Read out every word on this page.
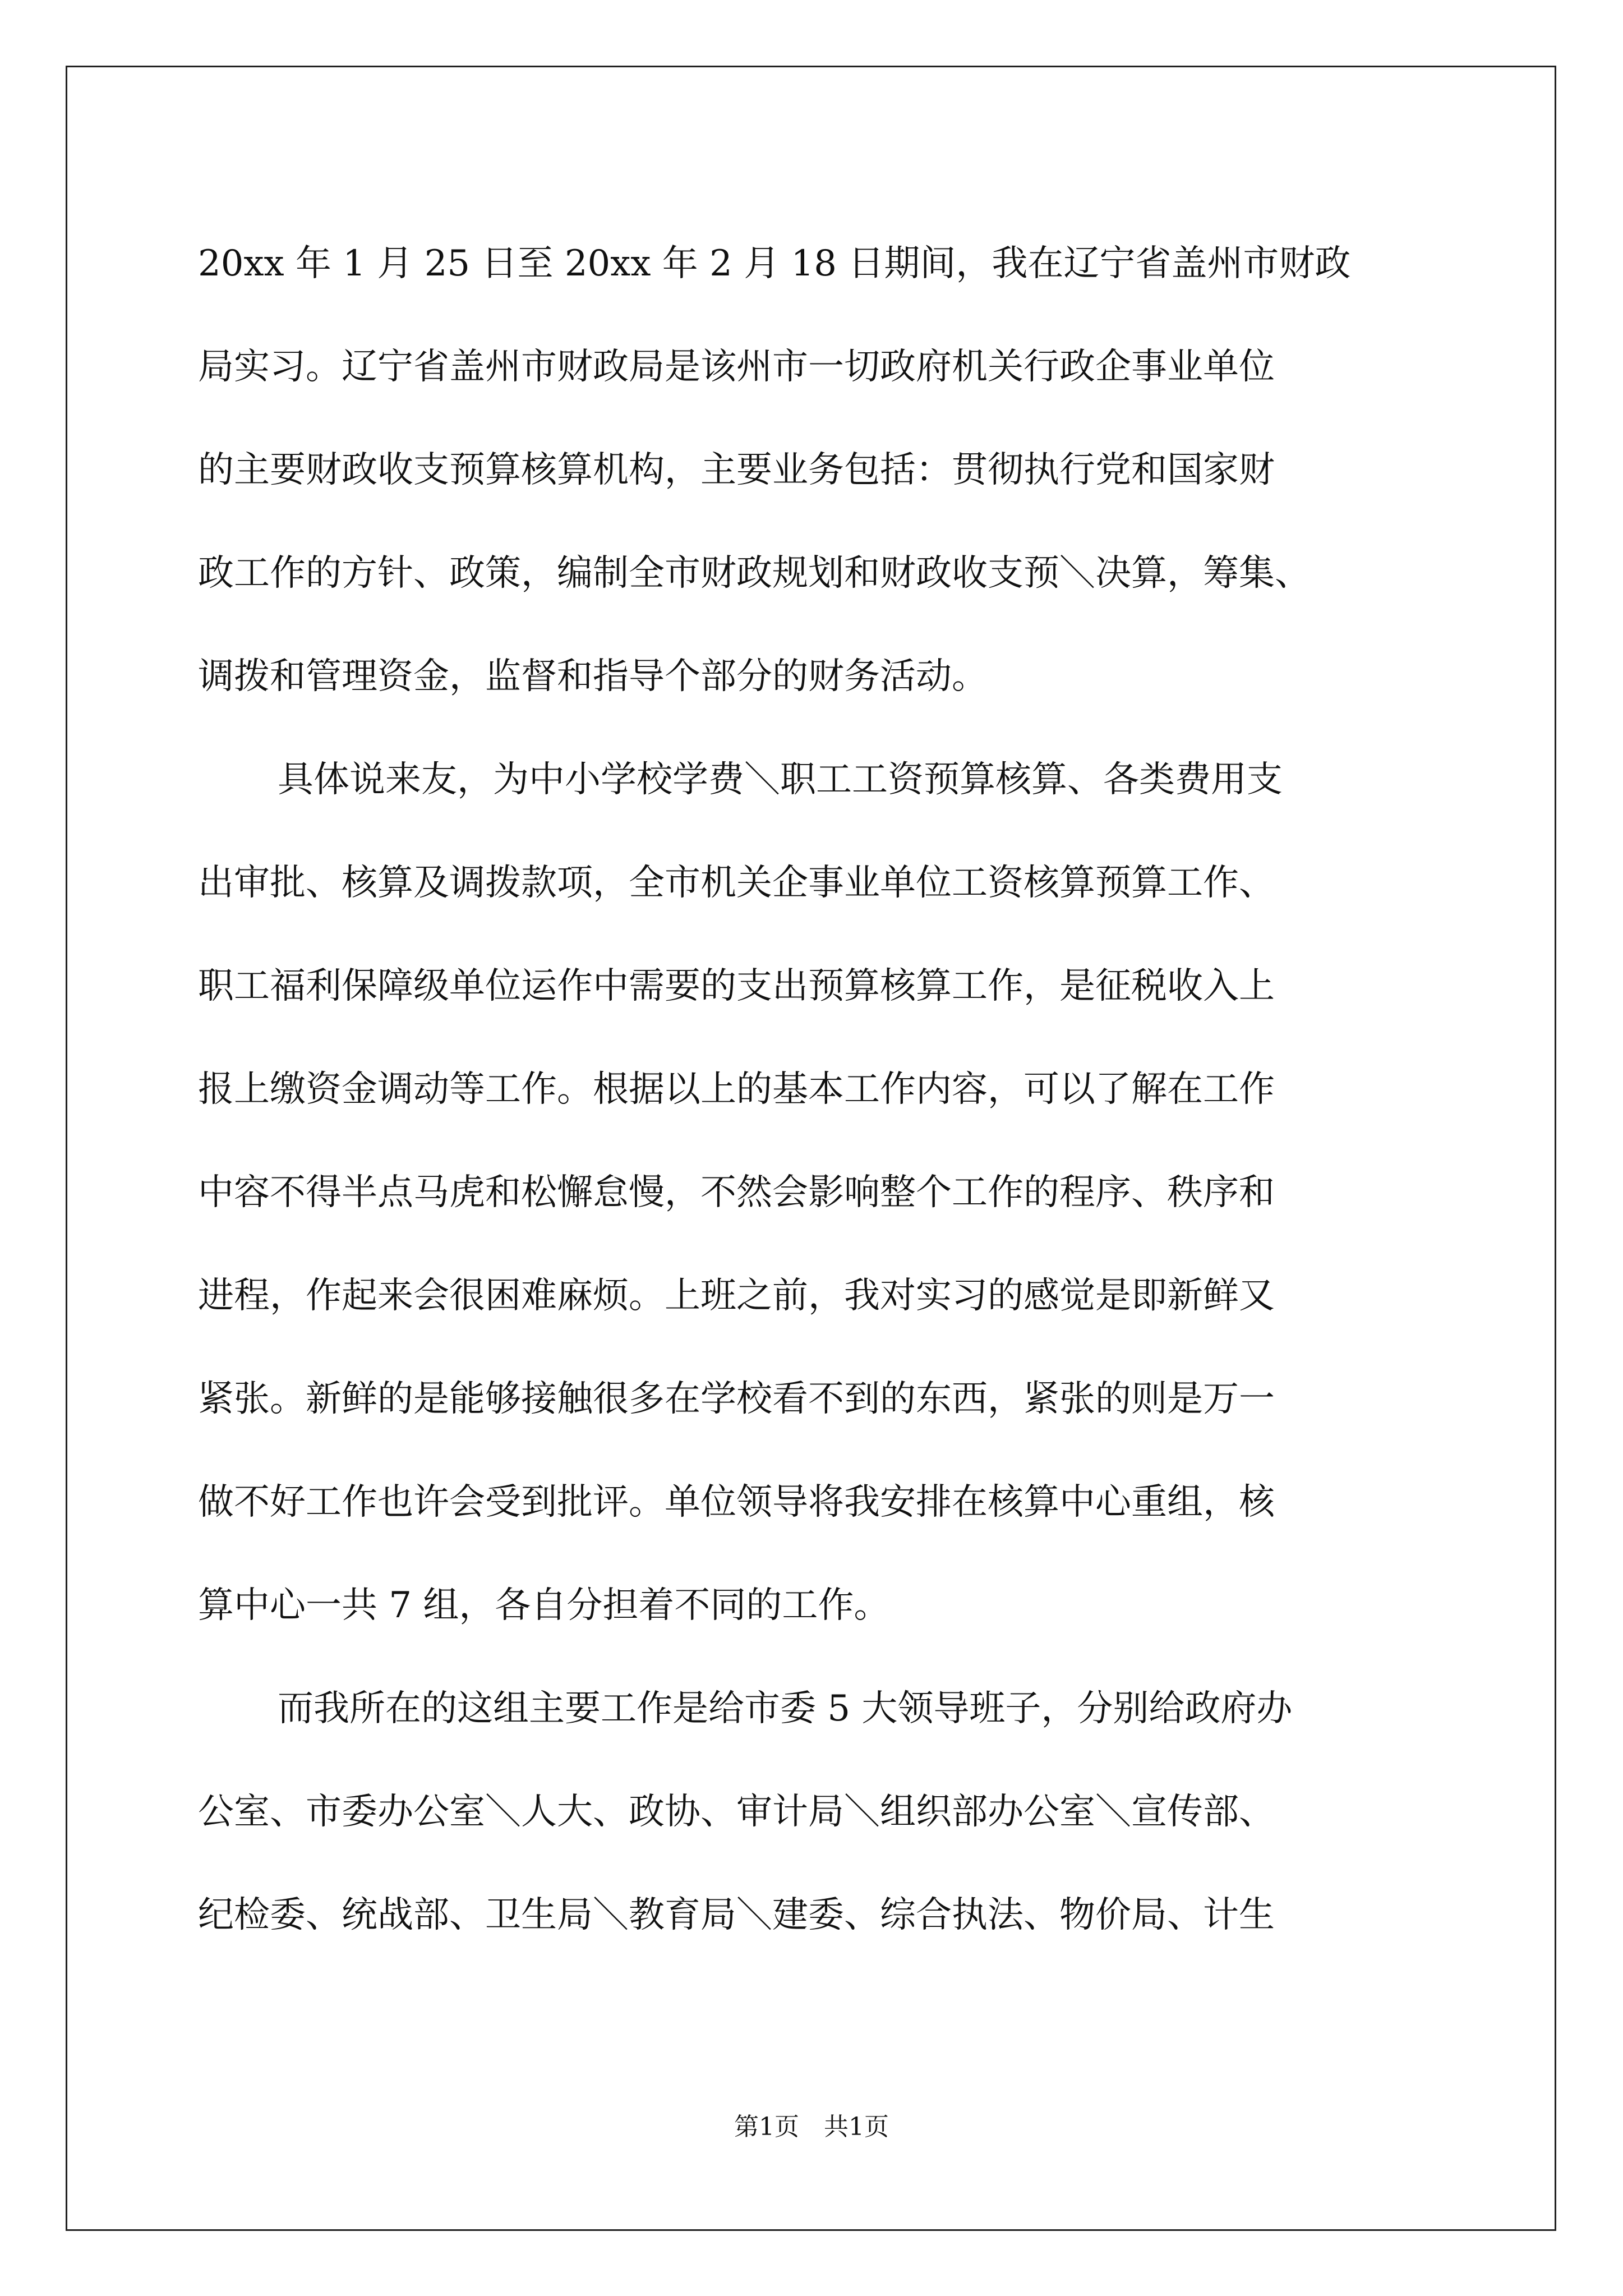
20xx 年 1 月 25 日至 20xx 年 2 月 18 日期间，我在辽宁省盖州市财政
局实习。辽宁省盖州市财政局是该州市一切政府机关行政企事业单位
的主要财政收支预算核算机构，主要业务包括：贯彻执行党和国家财
政工作的方针、政策，编制全市财政规划和财政收支预＼决算，筹集、
调拨和管理资金，监督和指导个部分的财务活动。
具体说来友，为中小学校学费＼职工工资预算核算、各类费用支
出审批、核算及调拨款项，全市机关企事业单位工资核算预算工作、
职工福利保障级单位运作中需要的支出预算核算工作，是征税收入上
报上缴资金调动等工作。根据以上的基本工作内容，可以了解在工作
中容不得半点马虎和松懈怠慢，不然会影响整个工作的程序、秩序和
进程，作起来会很困难麻烦。上班之前，我对实习的感觉是即新鲜又
紧张。新鲜的是能够接触很多在学校看不到的东西，紧张的则是万一
做不好工作也许会受到批评。单位领导将我安排在核算中心重组，核
算中心一共 7 组，各自分担着不同的工作。
而我所在的这组主要工作是给市委 5 大领导班子，分别给政府办
公室、市委办公室＼人大、政协、审计局＼组织部办公室＼宣传部、
纪检委、统战部、卫生局＼教育局＼建委、综合执法、物价局、计生
第1页　共1页
